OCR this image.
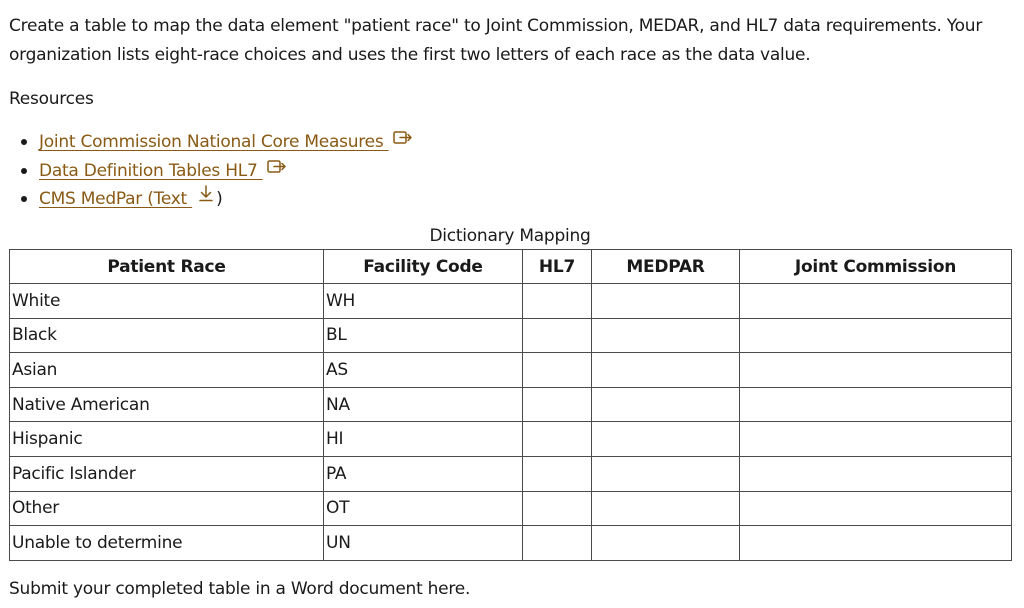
Create a table to map the data element "patient race" to Joint Commission, MEDAR, and HL7 data requirements. Your organization lists eight-race choices and uses the first two letters of each race as the data value.

Resources

Joint Commission National Core Measures
Data Definition Tables HL7
CMS MedPar (Text )
Dictionary Mapping
Patient Race	Facility Code	HL7	MEDPAR	Joint Commission
White	WH			
Black	BL			
Asian	AS			
Native American	NA			
Hispanic	HI			
Pacific Islander	PA			
Other	OT			
Unable to determine	UN			

Submit your completed table in a Word document here.
